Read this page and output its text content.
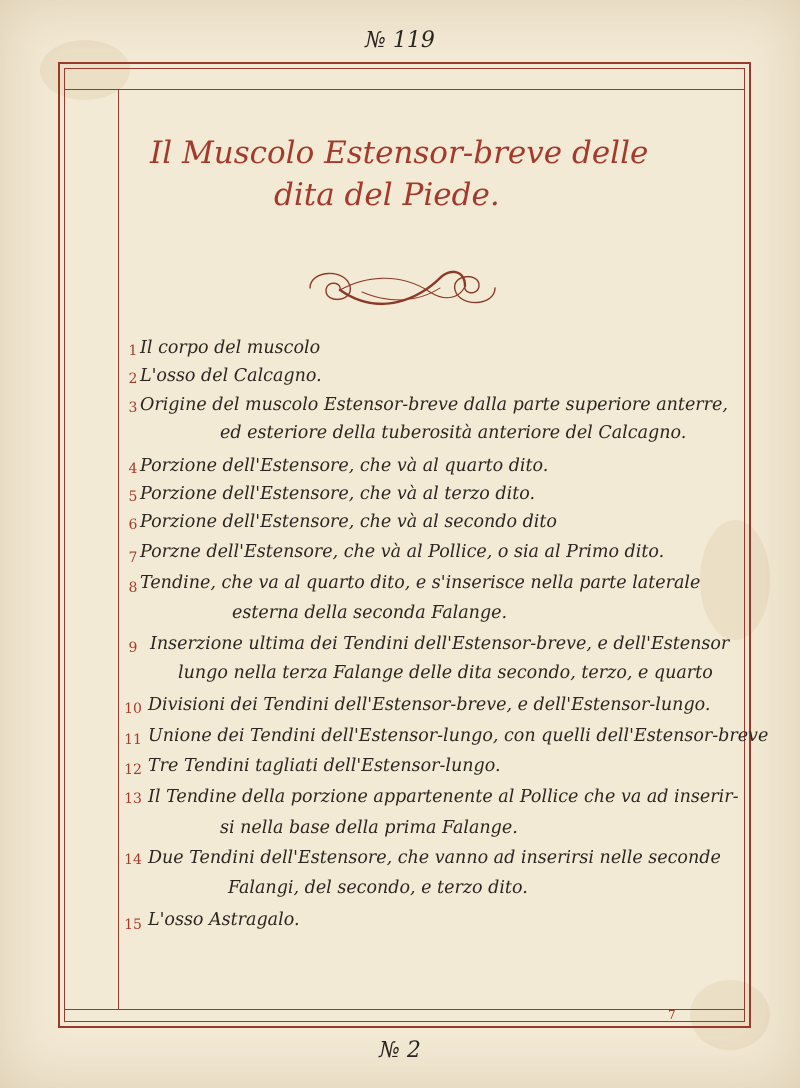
№ 119
Il Muscolo Estensor-breve delle
dita del Piede.
1 Il corpo del muscolo
2 L'osso del Calcagno.
3 Origine del muscolo Estensor-breve dalla parte superiore anterre,
ed esteriore della tuberosità anteriore del Calcagno.
4 Porzione dell'Estensore, che và al quarto dito.
5 Porzione dell'Estensore, che và al terzo dito.
6 Porzione dell'Estensore, che và al secondo dito
7 Porzne dell'Estensore, che và al Pollice, o sia al Primo dito.
8 Tendine, che va al quarto dito, e s'inserisce nella parte laterale
esterna della seconda Falange.
9 Inserzione ultima dei Tendini dell'Estensor-breve, e dell'Estensor
lungo nella terza Falange delle dita secondo, terzo, e quarto
10 Divisioni dei Tendini dell'Estensor-breve, e dell'Estensor-lungo.
11 Unione dei Tendini dell'Estensor-lungo, con quelli dell'Estensor-breve
12 Tre Tendini tagliati dell'Estensor-lungo.
13 Il Tendine della porzione appartenente al Pollice che va ad inserir-
si nella base della prima Falange.
14 Due Tendini dell'Estensore, che vanno ad inserirsi nelle seconde
Falangi, del secondo, e terzo dito.
15 L'osso Astragalo.
7
№ 2
